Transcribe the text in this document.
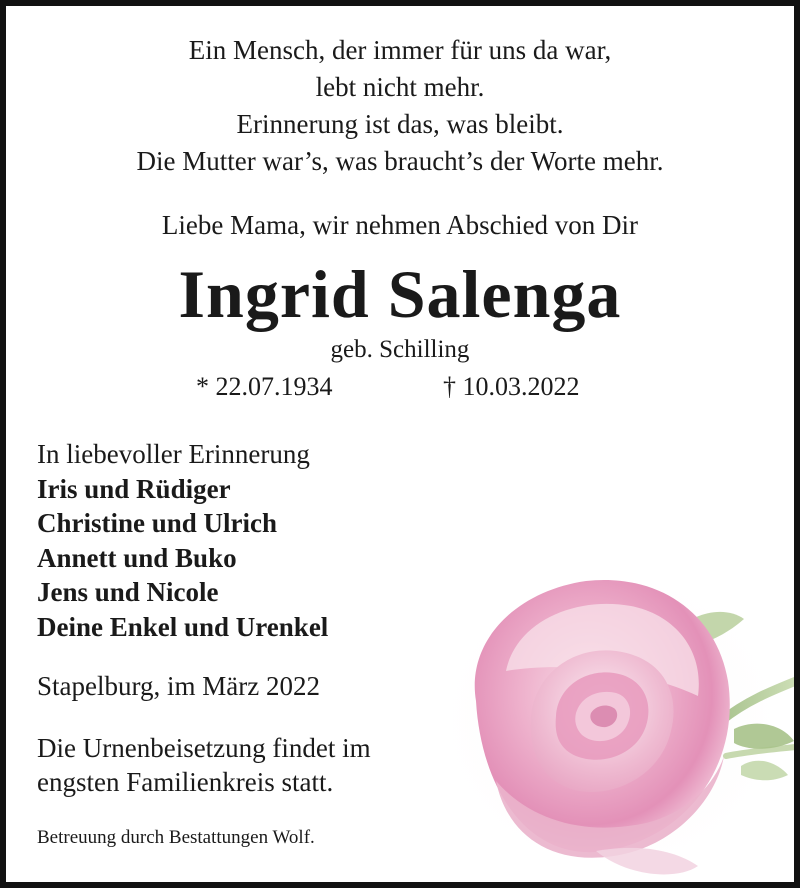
Ein Mensch, der immer für uns da war,
lebt nicht mehr.
Erinnerung ist das, was bleibt.
Die Mutter war’s, was braucht’s der Worte mehr.
Liebe Mama, wir nehmen Abschied von Dir
Ingrid Salenga
geb. Schilling
* 22.07.1934	† 10.03.2022
In liebevoller Erinnerung
Iris und Rüdiger
Christine und Ulrich
Annett und Buko
Jens und Nicole
Deine Enkel und Urenkel
Stapelburg, im März 2022
Die Urnenbeisetzung findet im
engsten Familienkreis statt.
Betreuung durch Bestattungen Wolf.
